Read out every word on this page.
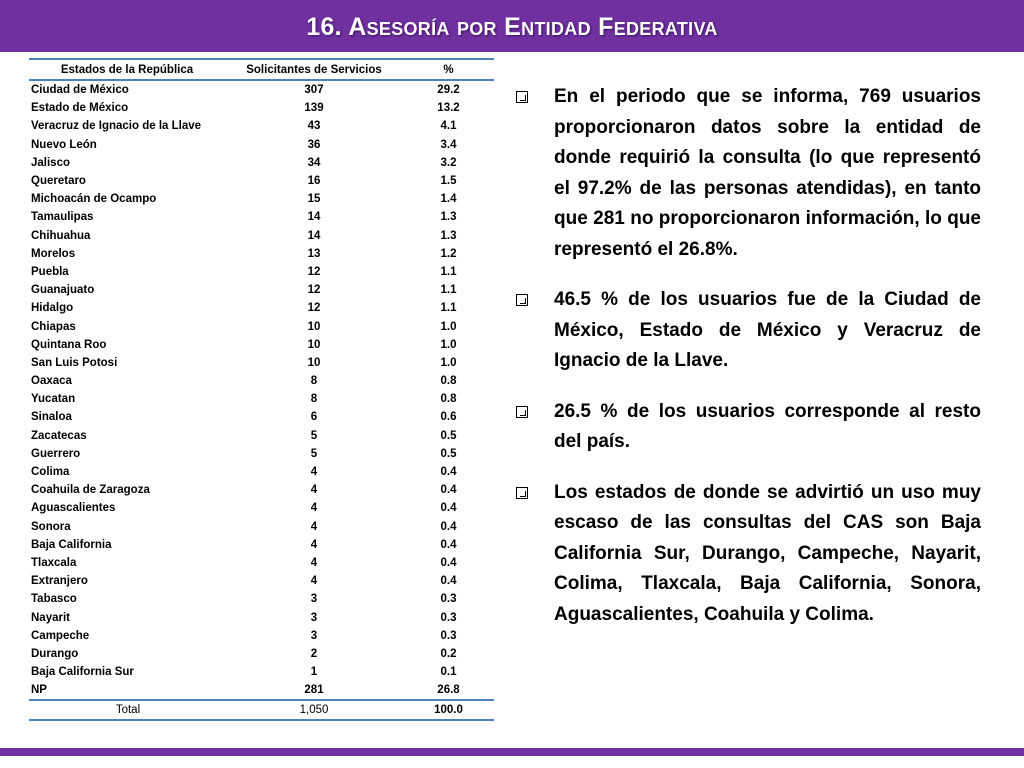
16. Asesoría por Entidad Federativa
Estados de la República	Solicitantes de Servicios	%
Ciudad de México	307	29.2
Estado de México	139	13.2
Veracruz de Ignacio de la Llave	43	4.1
Nuevo León	36	3.4
Jalisco	34	3.2
Queretaro	16	1.5
Michoacán de Ocampo	15	1.4
Tamaulipas	14	1.3
Chihuahua	14	1.3
Morelos	13	1.2
Puebla	12	1.1
Guanajuato	12	1.1
Hidalgo	12	1.1
Chiapas	10	1.0
Quintana Roo	10	1.0
San Luis Potosi	10	1.0
Oaxaca	8	0.8
Yucatan	8	0.8
Sinaloa	6	0.6
Zacatecas	5	0.5
Guerrero	5	0.5
Colima	4	0.4
Coahuila de Zaragoza	4	0.4
Aguascalientes	4	0.4
Sonora	4	0.4
Baja California	4	0.4
Tlaxcala	4	0.4
Extranjero	4	0.4
Tabasco	3	0.3
Nayarit	3	0.3
Campeche	3	0.3
Durango	2	0.2
Baja California Sur	1	0.1
NP	281	26.8
Total	1,050	100.0
En el periodo que se informa, 769 usuarios proporcionaron datos sobre la entidad de donde requirió la consulta (lo que representó el 97.2% de las personas atendidas), en tanto que 281 no proporcionaron información, lo que representó el 26.8%.
46.5 % de los usuarios fue de la Ciudad de México, Estado de México y Veracruz de Ignacio de la Llave.
26.5 % de los usuarios corresponde al resto del país.
Los estados de donde se advirtió un uso muy escaso de las consultas del CAS son Baja California Sur, Durango, Campeche, Nayarit, Colima, Tlaxcala, Baja California, Sonora, Aguascalientes, Coahuila y Colima.
